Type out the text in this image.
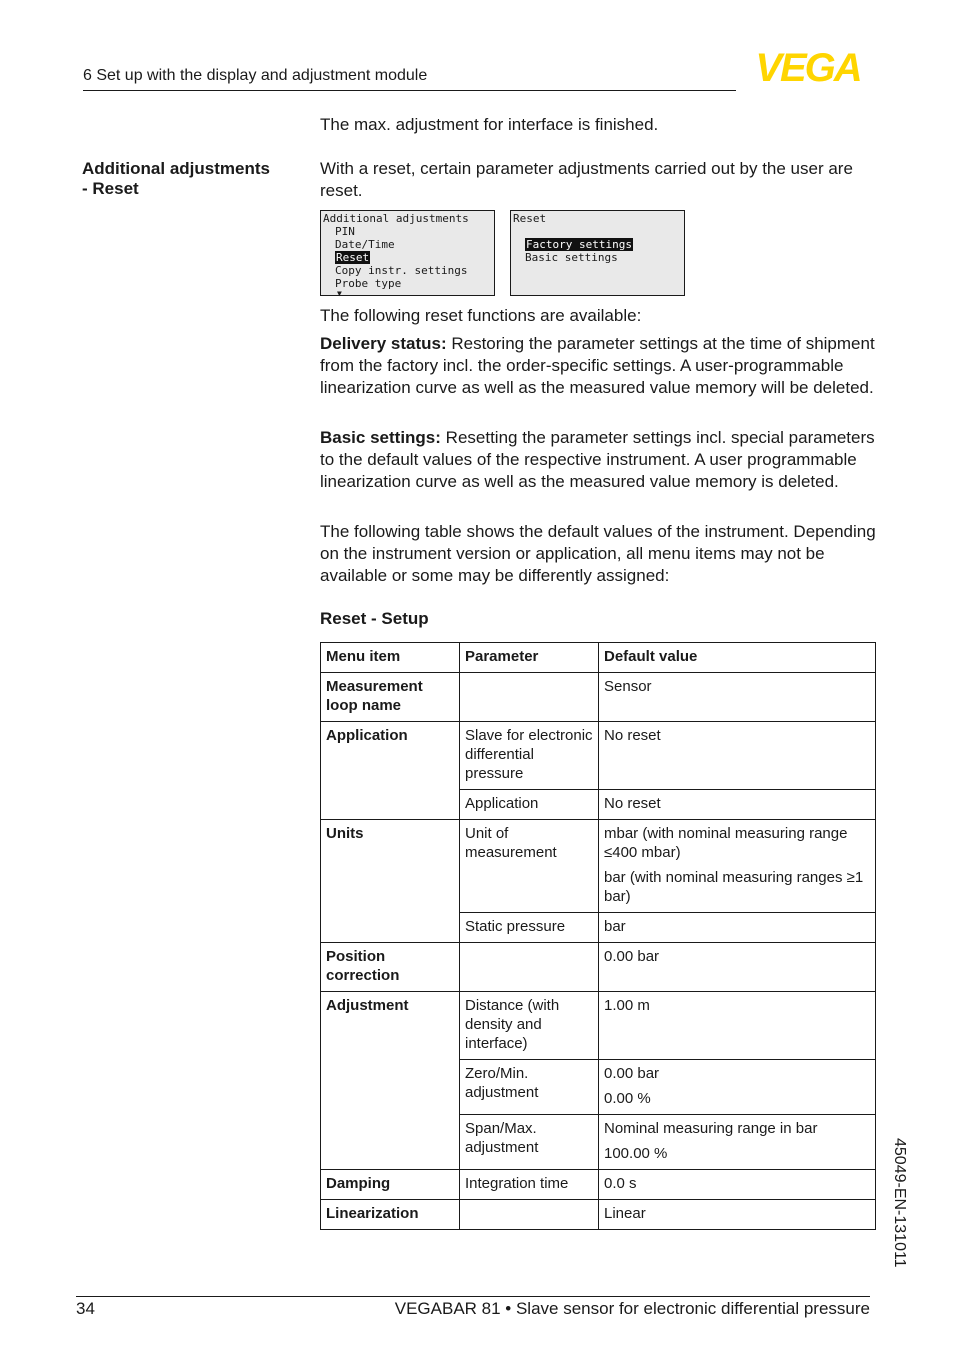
6 Set up with the display and adjustment module	VEGA
The max. adjustment for interface is finished.
Additional adjustments
- Reset
With a reset, certain parameter adjustments carried out by the user are reset.
Additional adjustments
PIN
Date/Time
Reset
Copy instr. settings
Probe type
▼
Reset
Factory settings
Basic settings
The following reset functions are available:
Delivery status: Restoring the parameter settings at the time of shipment from the factory incl. the order-specific settings. A user-programmable linearization curve as well as the measured value memory will be deleted.
Basic settings: Resetting the parameter settings incl. special parameters to the default values of the respective instrument. A user programmable linearization curve as well as the measured value memory is deleted.
The following table shows the default values of the instrument. Depending on the instrument version or application, all menu items may not be available or some may be differently assigned:
Reset - Setup
Menu item	Parameter	Default value
Measurement loop name		Sensor
Application	Slave for electronic differential pressure	No reset
	Application	No reset
Units	Unit of measurement	mbar (with nominal measuring range ≤400 mbar)
bar (with nominal measuring ranges ≥1 bar)

	Static pressure	bar
Position correction		0.00 bar
Adjustment	Distance (with density and interface)	1.00 m
	Zero/Min. adjustment	0.00 bar
0.00 %

	Span/Max. adjustment	Nominal measuring range in bar
100.00 %

Damping	Integration time	0.0 s
Linearization		Linear	45049-EN-131011
34	VEGABAR 81 • Slave sensor for electronic differential pressure
